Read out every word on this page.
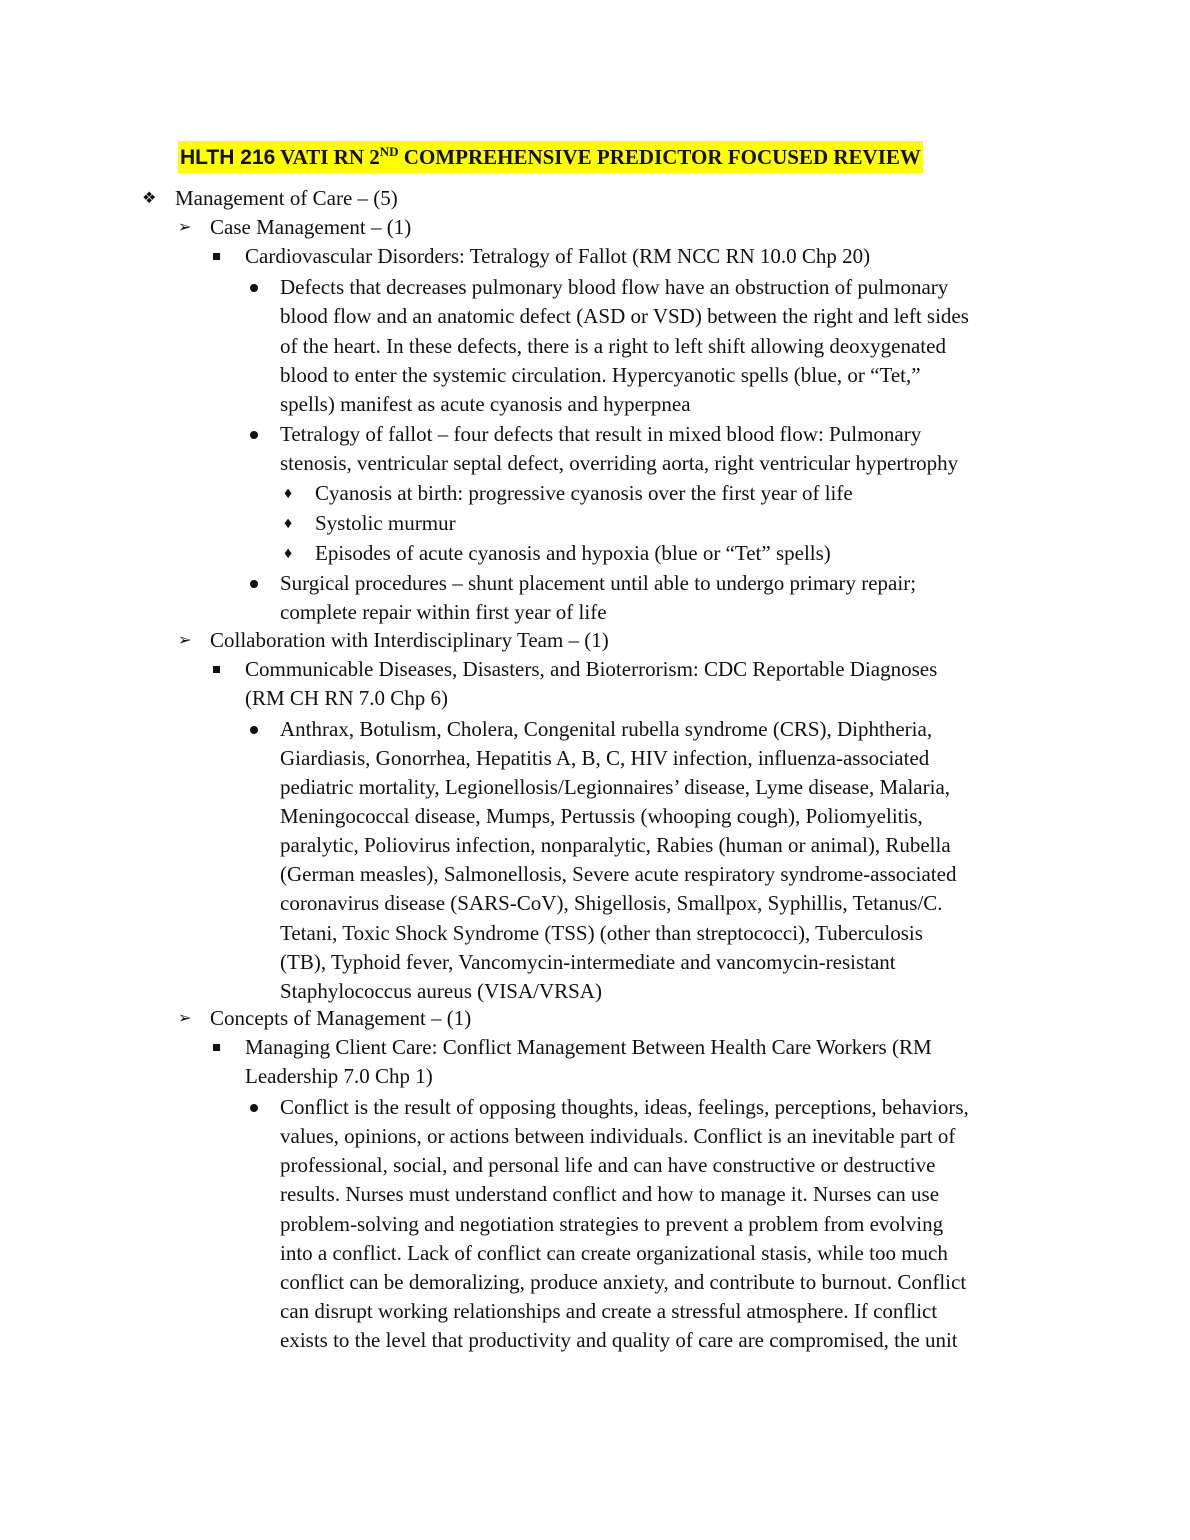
HLTH 216 VATI RN 2ND COMPREHENSIVE PREDICTOR FOCUSED REVIEW
❖ Management of Care – (5)
➢ Case Management – (1)
Cardiovascular Disorders: Tetralogy of Fallot (RM NCC RN 10.0 Chp 20)
Defects that decreases pulmonary blood flow have an obstruction of pulmonary
blood flow and an anatomic defect (ASD or VSD) between the right and left sides
of the heart. In these defects, there is a right to left shift allowing deoxygenated
blood to enter the systemic circulation. Hypercyanotic spells (blue, or “Tet,”
spells) manifest as acute cyanosis and hyperpnea
Tetralogy of fallot – four defects that result in mixed blood flow: Pulmonary
stenosis, ventricular septal defect, overriding aorta, right ventricular hypertrophy
♦ Cyanosis at birth: progressive cyanosis over the first year of life
♦ Systolic murmur
♦ Episodes of acute cyanosis and hypoxia (blue or “Tet” spells)
Surgical procedures – shunt placement until able to undergo primary repair;
complete repair within first year of life
➢ Collaboration with Interdisciplinary Team – (1)
Communicable Diseases, Disasters, and Bioterrorism: CDC Reportable Diagnoses
(RM CH RN 7.0 Chp 6)
Anthrax, Botulism, Cholera, Congenital rubella syndrome (CRS), Diphtheria,
Giardiasis, Gonorrhea, Hepatitis A, B, C, HIV infection, influenza-associated
pediatric mortality, Legionellosis/Legionnaires’ disease, Lyme disease, Malaria,
Meningococcal disease, Mumps, Pertussis (whooping cough), Poliomyelitis,
paralytic, Poliovirus infection, nonparalytic, Rabies (human or animal), Rubella
(German measles), Salmonellosis, Severe acute respiratory syndrome-associated
coronavirus disease (SARS-CoV), Shigellosis, Smallpox, Syphillis, Tetanus/C.
Tetani, Toxic Shock Syndrome (TSS) (other than streptococci), Tuberculosis
(TB), Typhoid fever, Vancomycin-intermediate and vancomycin-resistant
Staphylococcus aureus (VISA/VRSA)
➢ Concepts of Management – (1)
Managing Client Care: Conflict Management Between Health Care Workers (RM
Leadership 7.0 Chp 1)
Conflict is the result of opposing thoughts, ideas, feelings, perceptions, behaviors,
values, opinions, or actions between individuals. Conflict is an inevitable part of
professional, social, and personal life and can have constructive or destructive
results. Nurses must understand conflict and how to manage it. Nurses can use
problem-solving and negotiation strategies to prevent a problem from evolving
into a conflict. Lack of conflict can create organizational stasis, while too much
conflict can be demoralizing, produce anxiety, and contribute to burnout. Conflict
can disrupt working relationships and create a stressful atmosphere. If conflict
exists to the level that productivity and quality of care are compromised, the unit
